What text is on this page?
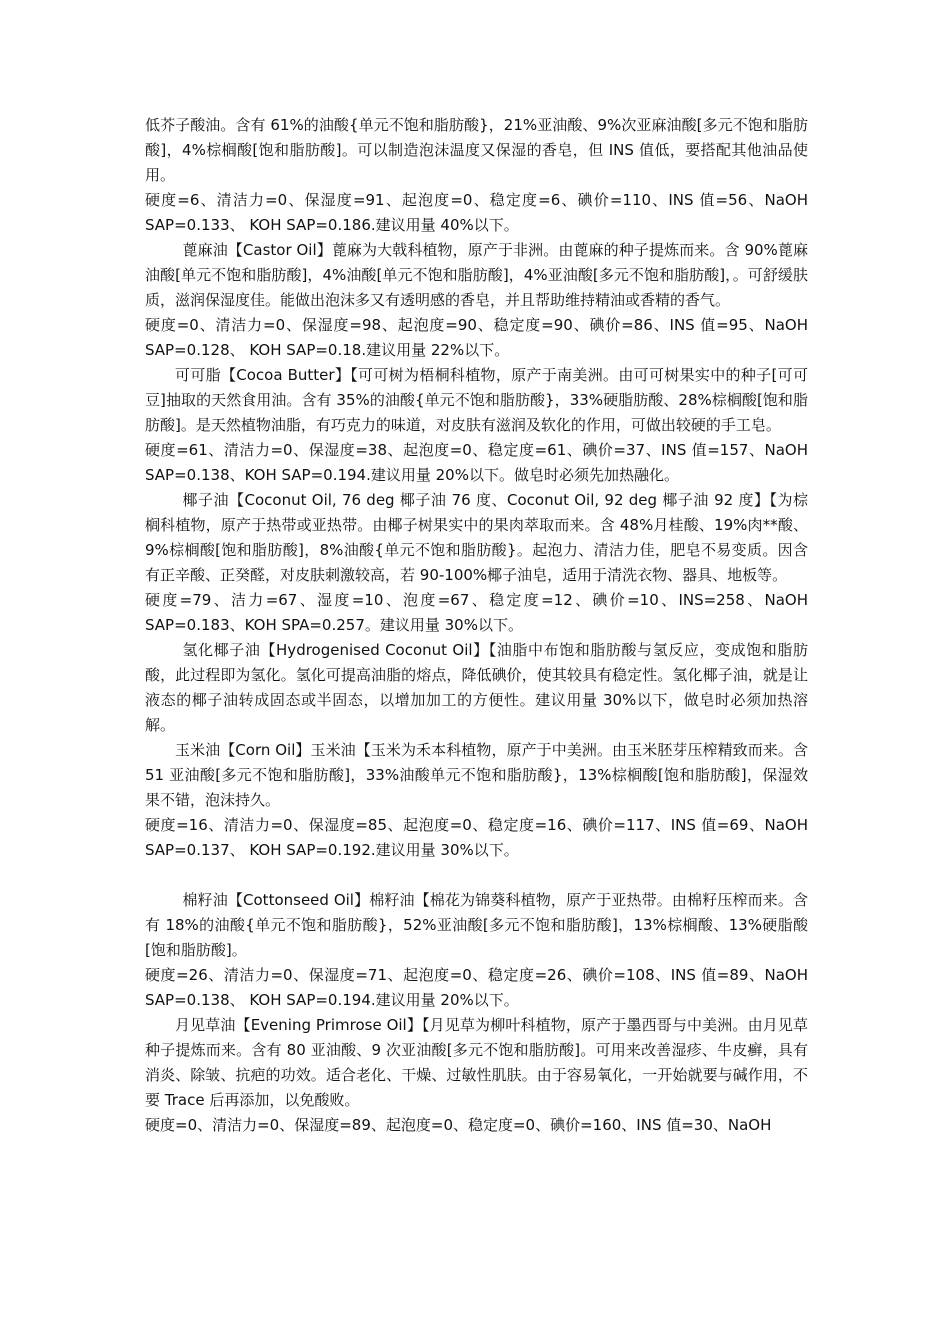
低芥子酸油。含有 61%的油酸{单元不饱和脂肪酸}，21%亚油酸、9%次亚麻油酸[多元不饱和脂肪酸]，4%棕榈酸[饱和脂肪酸]。可以制造泡沫温度又保湿的香皂，但 INS 值低，要搭配其他油品使用。

硬度=6、清洁力=0、保湿度=91、起泡度=0、稳定度=6、碘价=110、INS 值=56、NaOH SAP=0.133、 KOH SAP=0.186.建议用量 40%以下。

蓖麻油【Castor Oil】蓖麻为大戟科植物，原产于非洲。由蓖麻的种子提炼而来。含 90%蓖麻油酸[单元不饱和脂肪酸]，4%油酸[单元不饱和脂肪酸]，4%亚油酸[多元不饱和脂肪酸]，。可舒缓肤质，滋润保湿度佳。能做出泡沫多又有透明感的香皂，并且帮助维持精油或香精的香气。

硬度=0、清洁力=0、保湿度=98、起泡度=90、稳定度=90、碘价=86、INS 值=95、NaOH SAP=0.128、 KOH SAP=0.18.建议用量 22%以下。

可可脂【Cocoa Butter】【可可树为梧桐科植物，原产于南美洲。由可可树果实中的种子[可可豆]抽取的天然食用油。含有 35%的油酸{单元不饱和脂肪酸}，33%硬脂肪酸、28%棕榈酸[饱和脂肪酸]。是天然植物油脂，有巧克力的味道，对皮肤有滋润及软化的作用，可做出较硬的手工皂。

硬度=61、清洁力=0、保湿度=38、起泡度=0、稳定度=61、碘价=37、INS 值=157、NaOH SAP=0.138、KOH SAP=0.194.建议用量 20%以下。做皂时必须先加热融化。

椰子油【Coconut Oil, 76 deg 椰子油 76 度、Coconut Oil, 92 deg 椰子油 92 度】【为棕榈科植物，原产于热带或亚热带。由椰子树果实中的果肉萃取而来。含 48%月桂酸、19%肉**酸、9%棕榈酸[饱和脂肪酸]，8%油酸{单元不饱和脂肪酸}。起泡力、清洁力佳，肥皂不易变质。因含有正辛酸、正癸醛，对皮肤刺激较高，若 90-100%椰子油皂，适用于清洗衣物、器具、地板等。

硬度=79、洁力=67、湿度=10、泡度=67、稳定度=12、碘价=10、INS=258、NaOH SAP=0.183、KOH SPA=0.257。建议用量 30%以下。

氢化椰子油【Hydrogenised Coconut Oil】【油脂中布饱和脂肪酸与氢反应，变成饱和脂肪酸，此过程即为氢化。氢化可提高油脂的熔点，降低碘价，使其较具有稳定性。氢化椰子油，就是让液态的椰子油转成固态或半固态，以增加加工的方便性。建议用量 30%以下，做皂时必须加热溶解。

玉米油【Corn Oil】玉米油【玉米为禾本科植物，原产于中美洲。由玉米胚芽压榨精致而来。含 51 亚油酸[多元不饱和脂肪酸]，33%油酸单元不饱和脂肪酸}，13%棕榈酸[饱和脂肪酸]，保湿效果不错，泡沫持久。

硬度=16、清洁力=0、保湿度=85、起泡度=0、稳定度=16、碘价=117、INS 值=69、NaOH SAP=0.137、 KOH SAP=0.192.建议用量 30%以下。

棉籽油【Cottonseed Oil】棉籽油【棉花为锦葵科植物，原产于亚热带。由棉籽压榨而来。含有 18%的油酸{单元不饱和脂肪酸}，52%亚油酸[多元不饱和脂肪酸]，13%棕榈酸、13%硬脂酸[饱和脂肪酸]。

硬度=26、清洁力=0、保湿度=71、起泡度=0、稳定度=26、碘价=108、INS 值=89、NaOH SAP=0.138、 KOH SAP=0.194.建议用量 20%以下。

月见草油【Evening Primrose Oil】【月见草为柳叶科植物，原产于墨西哥与中美洲。由月见草种子提炼而来。含有 80 亚油酸、9 次亚油酸[多元不饱和脂肪酸]。可用来改善湿疹、牛皮癣，具有消炎、除皱、抗疤的功效。适合老化、干燥、过敏性肌肤。由于容易氧化，一开始就要与碱作用，不要 Trace 后再添加，以免酸败。

硬度=0、清洁力=0、保湿度=89、起泡度=0、稳定度=0、碘价=160、INS 值=30、NaOH
